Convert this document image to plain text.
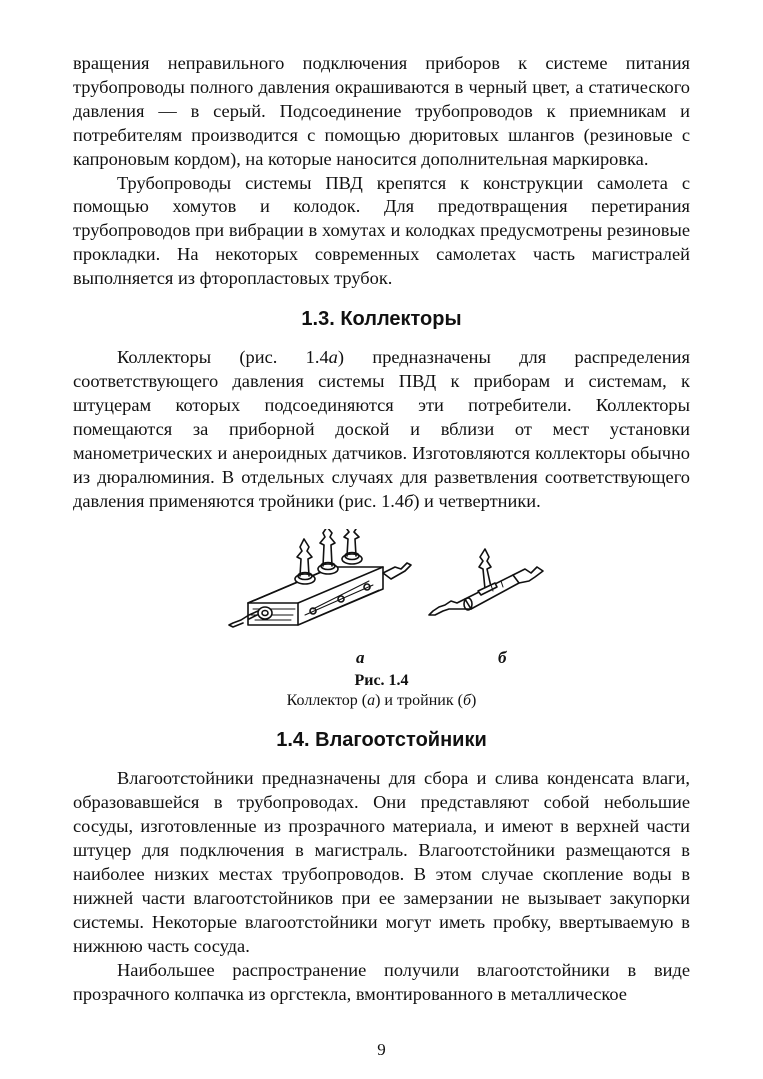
вращения неправильного подключения приборов к системе питания трубопроводы полного давления окрашиваются в черный цвет, а статического давления — в серый. Подсоединение трубопроводов к приемникам и потребителям производится с помощью дюритовых шлангов (резиновые с капроновым кордом), на которые наносится дополнительная маркировка.

Трубопроводы системы ПВД крепятся к конструкции самолета с помощью хомутов и колодок. Для предотвращения перетирания трубопроводов при вибрации в хомутах и колодках предусмотрены резиновые прокладки. На некоторых современных самолетах часть магистралей выполняется из фторопластовых трубок.

1.3. Коллекторы

Коллекторы (рис. 1.4а) предназначены для распределения соответствующего давления системы ПВД к приборам и системам, к штуцерам которых подсоединяются эти потребители. Коллекторы помещаются за приборной доской и вблизи от мест установки манометрических и анероидных датчиков. Изготовляются коллекторы обычно из дюралюминия. В отдельных случаях для разветвления соответствующего давления применяются тройники (рис. 1.4б) и четвертники.

а	б
Рис. 1.4
Коллектор (а) и тройник (б)
1.4. Влагоотстойники

Влагоотстойники предназначены для сбора и слива конденсата влаги, образовавшейся в трубопроводах. Они представляют собой небольшие сосуды, изготовленные из прозрачного материала, и имеют в верхней части штуцер для подключения в магистраль. Влагоотстойники размещаются в наиболее низких местах трубопроводов. В этом случае скопление воды в нижней части влагоотстойников при ее замерзании не вызывает закупорки системы. Некоторые влагоотстойники могут иметь пробку, ввертываемую в нижнюю часть сосуда.

Наибольшее распространение получили влагоотстойники в виде прозрачного колпачка из оргстекла, вмонтированного в металлическое

9
